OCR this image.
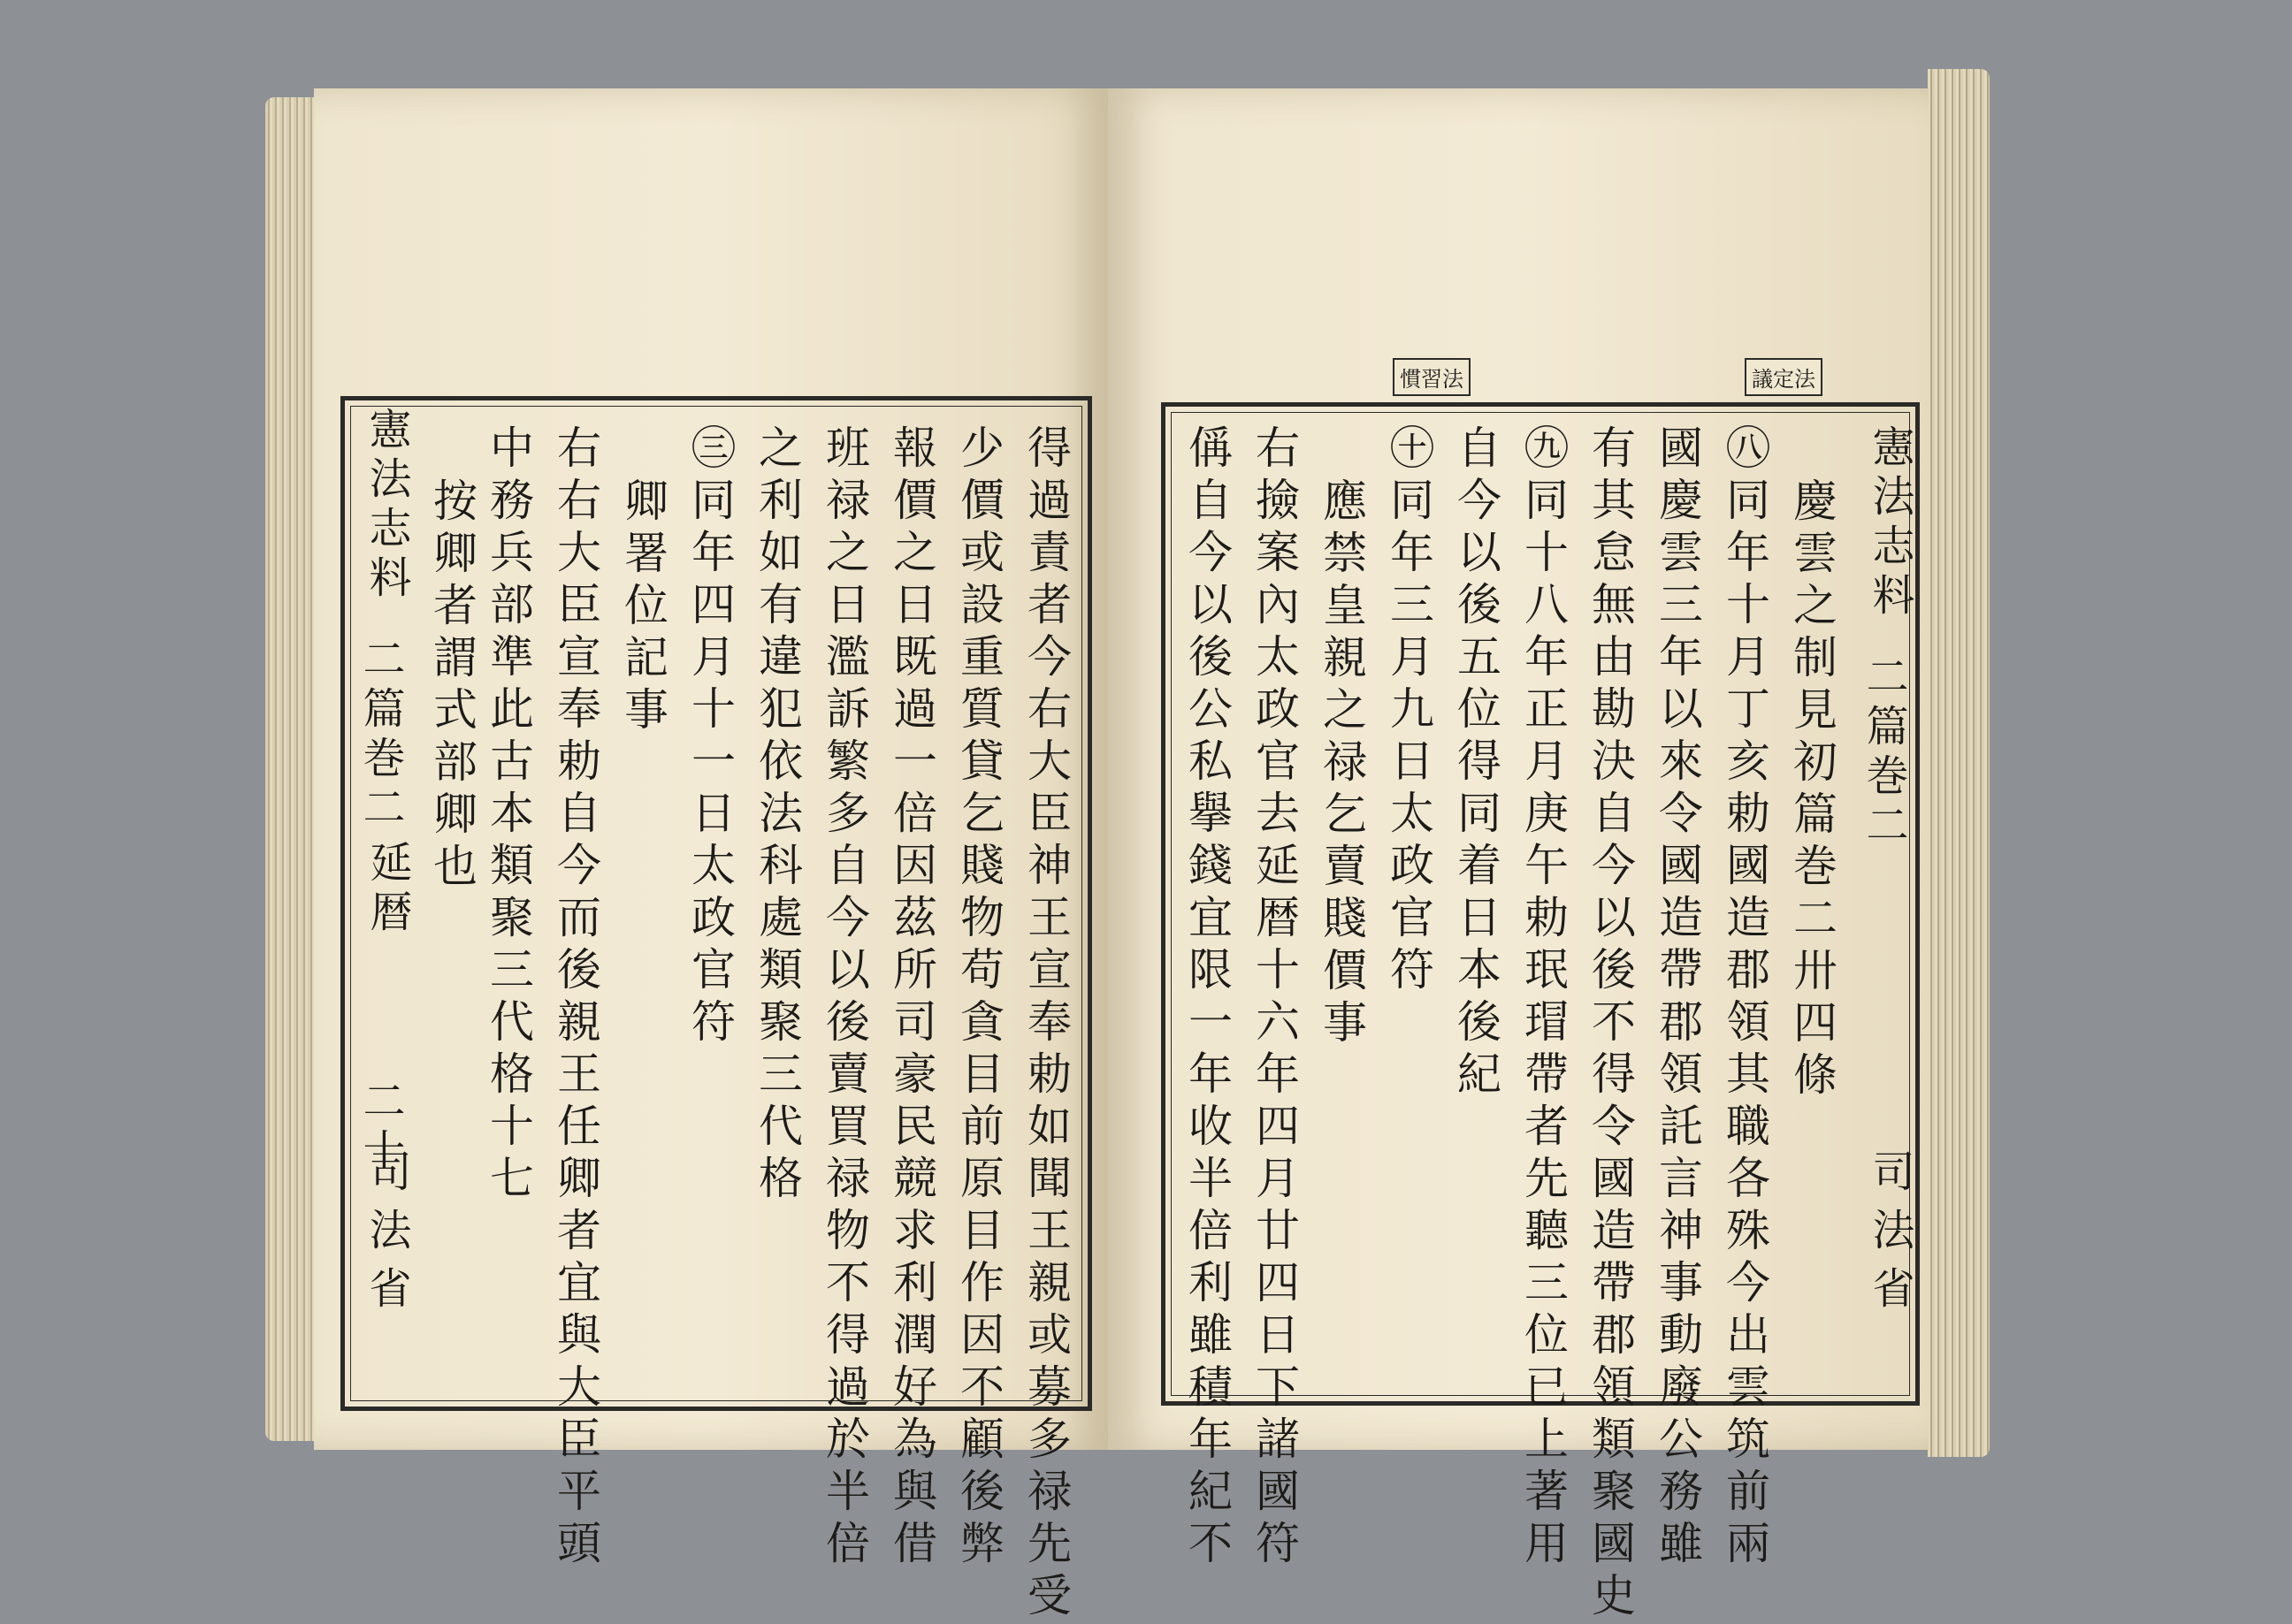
憲法志料
二篇巻二
延暦
二十
司法省	得過責者今右大臣神王宣奉勅如聞王親或募多禄先受
少價或設重質貸乞賤物苟貪目前原目作因不顧後弊
報價之日既過一倍因茲所司豪民競求利潤好為與借
班禄之日濫訴繁多自今以後賣買禄物不得過於半倍
之利如有違犯依法科處類聚三代格
㊂同年四月十一日太政官符
卿署位記事
右右大臣宣奉勅自今而後親王任卿者宜與大臣平頭
中務兵部準此古本類聚三代格十七
按卿者謂式部卿也
議定法
慣習法
憲法志料
二篇巻二
司法省
慶雲之制見初篇巻二卅四條
㊇同年十月丁亥勅國造郡領其職各殊今出雲筑前兩
國慶雲三年以來令國造帶郡領託言神事動廢公務雖
有其怠無由勘決自今以後不得令國造帶郡領類聚國史
㊈同十八年正月庚午勅珉瑁帶者先聽三位已上著用
自今以後五位得同着日本後紀
㊉同年三月九日太政官符
應禁皇親之禄乞賣賤價事
右撿案內太政官去延暦十六年四月廿四日下諸國符
偁自今以後公私擧錢宜限一年收半倍利雖積年紀不
